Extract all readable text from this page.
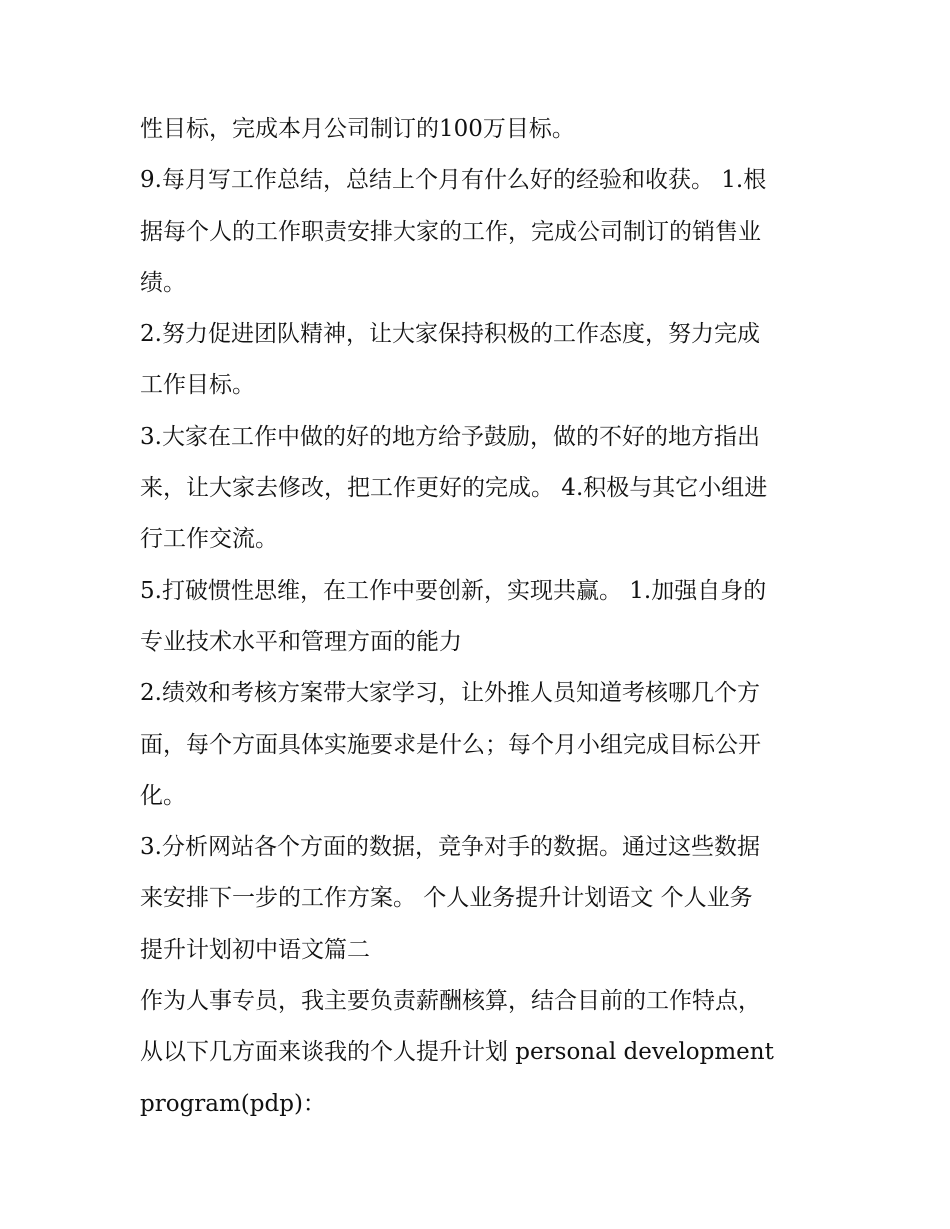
性目标，完成本月公司制订的100万目标。
9.每月写工作总结，总结上个月有什么好的经验和收获。 1.根
据每个人的工作职责安排大家的工作，完成公司制订的销售业
绩。
2.努力促进团队精神，让大家保持积极的工作态度，努力完成
工作目标。
3.大家在工作中做的好的地方给予鼓励，做的不好的地方指出
来，让大家去修改，把工作更好的完成。 4.积极与其它小组进
行工作交流。
5.打破惯性思维，在工作中要创新，实现共赢。 1.加强自身的
专业技术水平和管理方面的能力
2.绩效和考核方案带大家学习，让外推人员知道考核哪几个方
面，每个方面具体实施要求是什么；每个月小组完成目标公开
化。
3.分析网站各个方面的数据，竞争对手的数据。通过这些数据
来安排下一步的工作方案。 个人业务提升计划语文 个人业务
提升计划初中语文篇二
作为人事专员，我主要负责薪酬核算，结合目前的工作特点，
从以下几方面来谈我的个人提升计划 personal development
program(pdp)：
